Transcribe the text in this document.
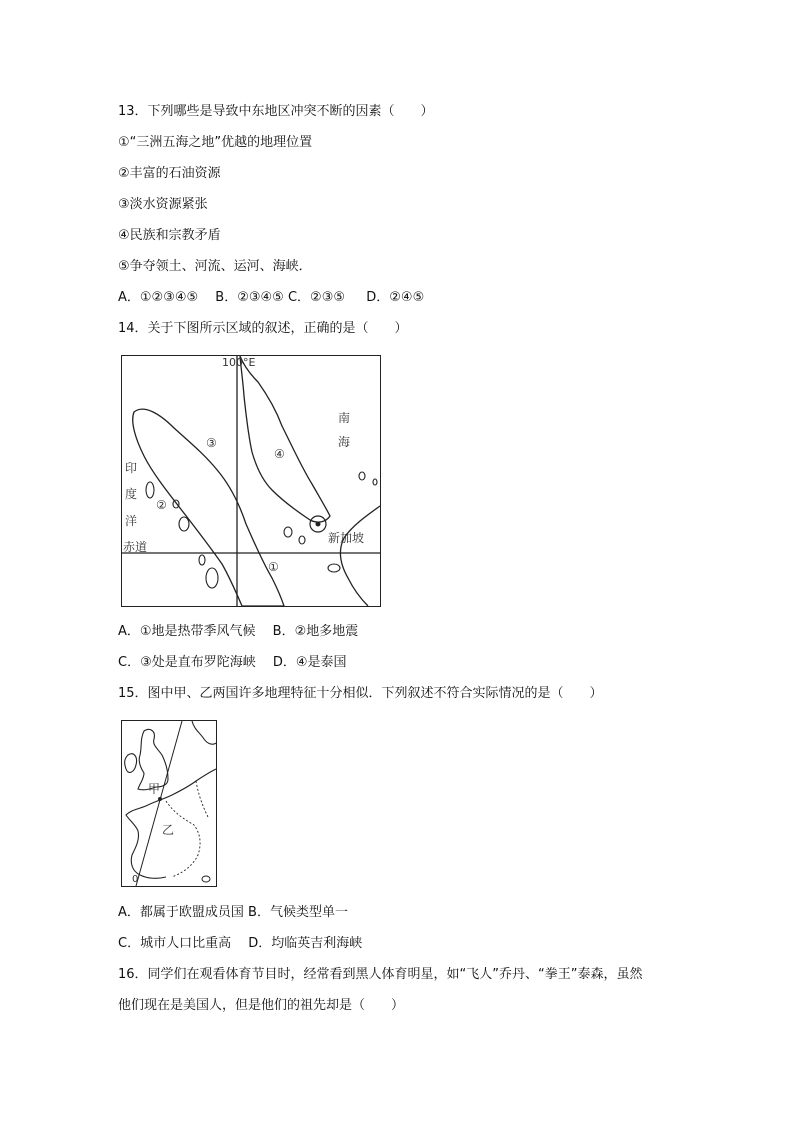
13．下列哪些是导致中东地区冲突不断的因素（　　）
①“三洲五海之地”优越的地理位置
②丰富的石油资源
③淡水资源紧张
④民族和宗教矛盾
⑤争夺领土、河流、运河、海峡．
A．①②③④⑤　 B．②③④⑤ C．②③⑤　  D．②④⑤
14．关于下图所示区域的叙述，正确的是（　　）
100°E
南
海
印
度
洋
赤道
新加坡
①
②
③
④
A．①地是热带季风气候　 B．②地多地震
C．③处是直布罗陀海峡　 D．④是泰国
15．图中甲、乙两国许多地理特征十分相似．下列叙述不符合实际情况的是（　　）
甲
乙
0
A．都属于欧盟成员国 B．气候类型单一
C．城市人口比重高　 D．均临英吉利海峡
16．同学们在观看体育节目时，经常看到黑人体育明星，如“飞人”乔丹、“拳王”泰森，虽然
他们现在是美国人，但是他们的祖先却是（　　）
